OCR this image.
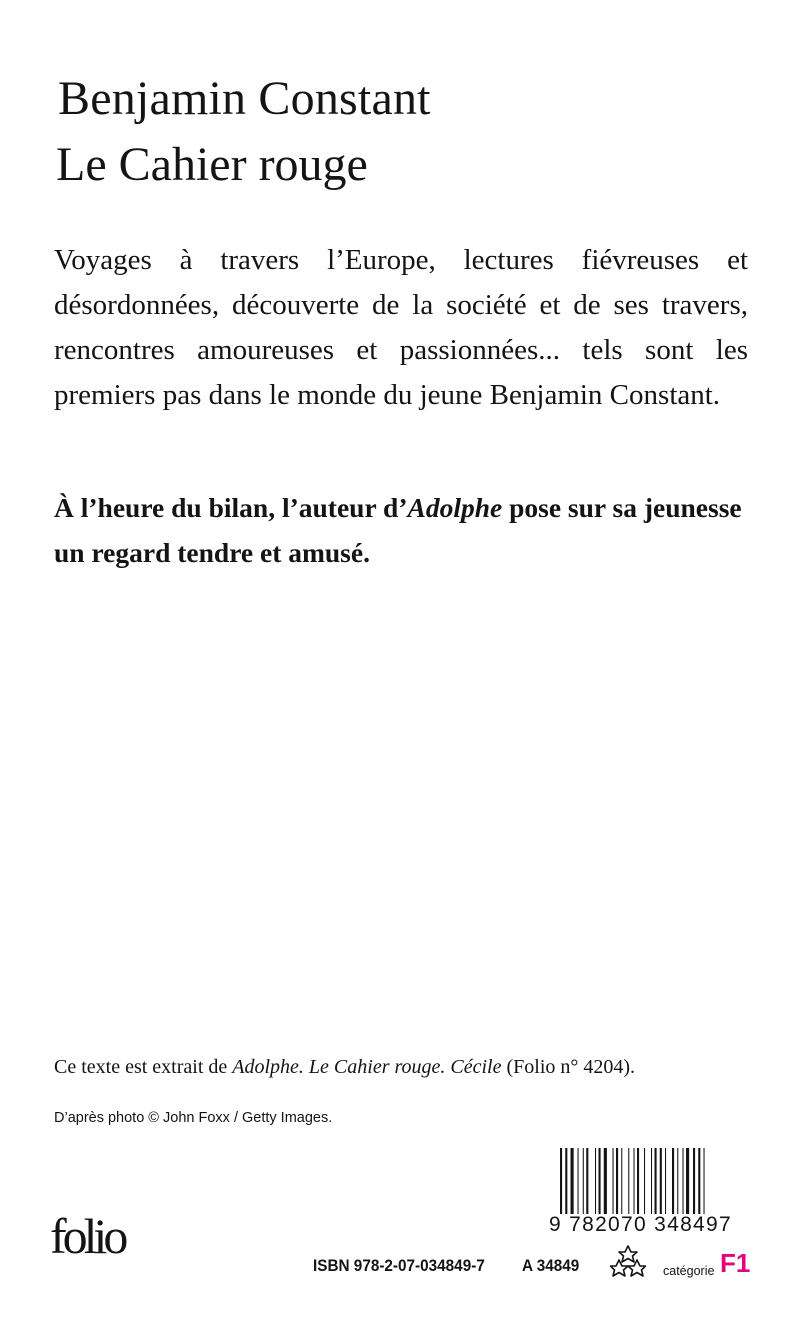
Benjamin Constant
Le Cahier rouge

Voyages à travers l’Europe, lectures fiévreuses et désordonnées, découverte de la société et de ses travers, rencontres amoureuses et passionnées... tels sont les premiers pas dans le monde du jeune Benjamin Constant.

À l’heure du bilan, l’auteur d’Adolphe pose sur sa jeunesse un regard tendre et amusé.

Ce texte est extrait de Adolphe. Le Cahier rouge. Cécile (Folio n° 4204).

D’après photo © John Foxx / Getty Images.

9 782070 348497
folio
ISBN 978-2-07-034849-7 A 34849	catégorie F1
